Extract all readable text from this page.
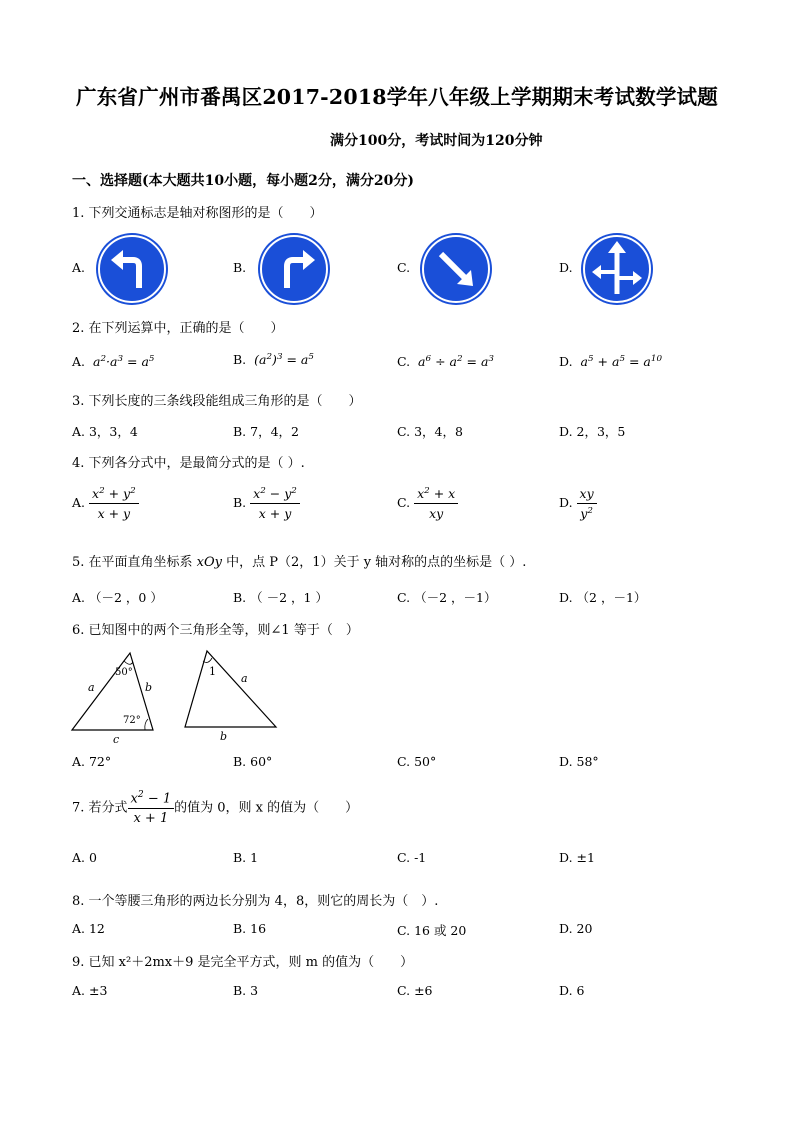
广东省广州市番禺区2017-2018学年八年级上学期期末考试数学试题
满分100分，考试时间为120分钟
一、选择题(本大题共10小题，每小题2分，满分20分)
1. 下列交通标志是轴对称图形的是（　　）
A.	B.	C.	D.
2. 在下列运算中，正确的是（　　）
A.  $a^2\cdot a^3 = a^5$	B.  $(a^2)^3 = a^5$	C.  $a^6 \div a^2 = a^3$	D.  $a^5 + a^5 = a^{10}$
3. 下列长度的三条线段能组成三角形的是（　　）
A. 3，3，4	B. 7，4，2	C. 3，4，8	D. 2，3，5
4. 下列各分式中，是最简分式的是（ ）.
A. $\frac{x^2 + y^2}{x + y}$	B. $\frac{x^2 - y^2}{x + y}$	C. $\frac{x^2 + x}{xy}$	D. $\frac{xy}{y^2}$
5. 在平面直角坐标系 xOy 中，点 P（2，1）关于 y 轴对称的点的坐标是（ ）.
A. （－2 ，0 ）	B. （ －2 ，1 ）	C. （－2 ，－1）	D. （2 ，－1）
6. 已知图中的两个三角形全等，则∠1 等于（　）
50°
72°
a	b
c
1
a
b
A. 72°	B. 60°	C. 50°	D. 58°
7. 若分式 $\frac{x^2 - 1}{x + 1}$ 的值为 0，则 x 的值为（　　）
A. 0	B. 1	C. -1	D. ±1
8. 一个等腰三角形的两边长分别为 4，8，则它的周长为（　）.
A. 12	B. 16	C. 16 或 20	D. 20
9. 已知 x²＋2mx＋9 是完全平方式，则 m 的值为（　　）
A. ±3	B. 3	C. ±6	D. 6
